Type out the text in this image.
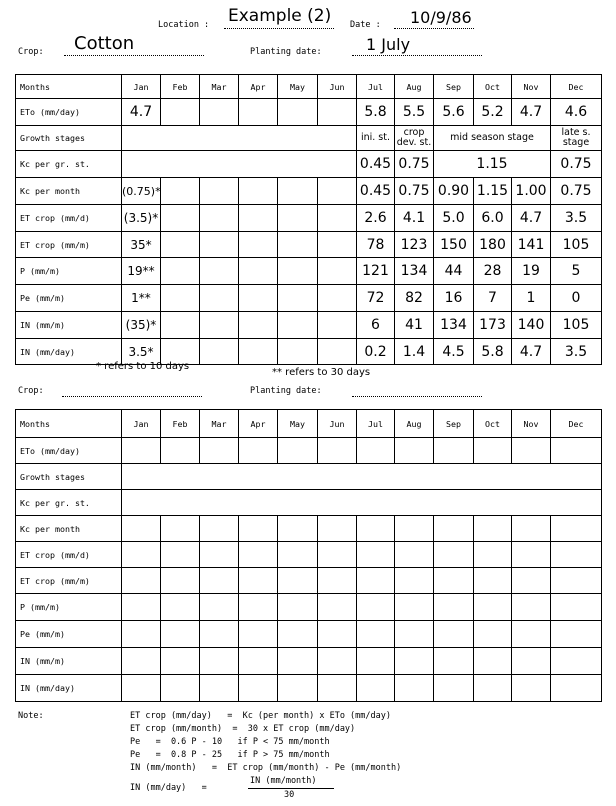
Location : Example (2) Date : 10/9/86
Crop: Cotton	Planting date:	1 July
Months	Jan	Feb	Mar	Apr	May	Jun	Jul	Aug	Sep	Oct	Nov	Dec
ETo (mm/day)	4.7						5.8	5.5	5.6	5.2	4.7	4.6
Growth stages							ini. st.	crop dev. st.	mid season stage			late s. stage
Kc per gr. st.							0.45	0.75	1.15			0.75
Kc per month	(0.75)*						0.45	0.75	0.90	1.15	1.00	0.75
ET crop (mm/d)	(3.5)*						2.6	4.1	5.0	6.0	4.7	3.5
ET crop (mm/m)	35*						78	123	150	180	141	105
P (mm/m)	19**						121	134	44	28	19	5
Pe (mm/m)	1**						72	82	16	7	1	0
IN (mm/m)	(35)*						6	41	134	173	140	105
IN (mm/day)	3.5*						0.2	1.4	4.5	5.8	4.7	3.5
* refers to 10 days
** refers to 30 days
Crop:	Planting date:
Months	Jan	Feb	Mar	Apr	May	Jun	Jul	Aug	Sep	Oct	Nov	Dec
ETo (mm/day)												
Growth stages												
Kc per gr. st.												
Kc per month												
ET crop (mm/d)												
ET crop (mm/m)												
P (mm/m)												
Pe (mm/m)												
IN (mm/m)												
IN (mm/day)												
Note:	ET crop (mm/day)   =  Kc (per month) x ETo (mm/day)
ET crop (mm/month)  =  30 x ET crop (mm/day)
Pe   =  0.6 P - 10   if P < 75 mm/month
Pe   =  0.8 P - 25   if P > 75 mm/month
IN (mm/month)   =  ET crop (mm/month) - Pe (mm/month)
IN (mm/day)   =
IN (mm/month)
30
